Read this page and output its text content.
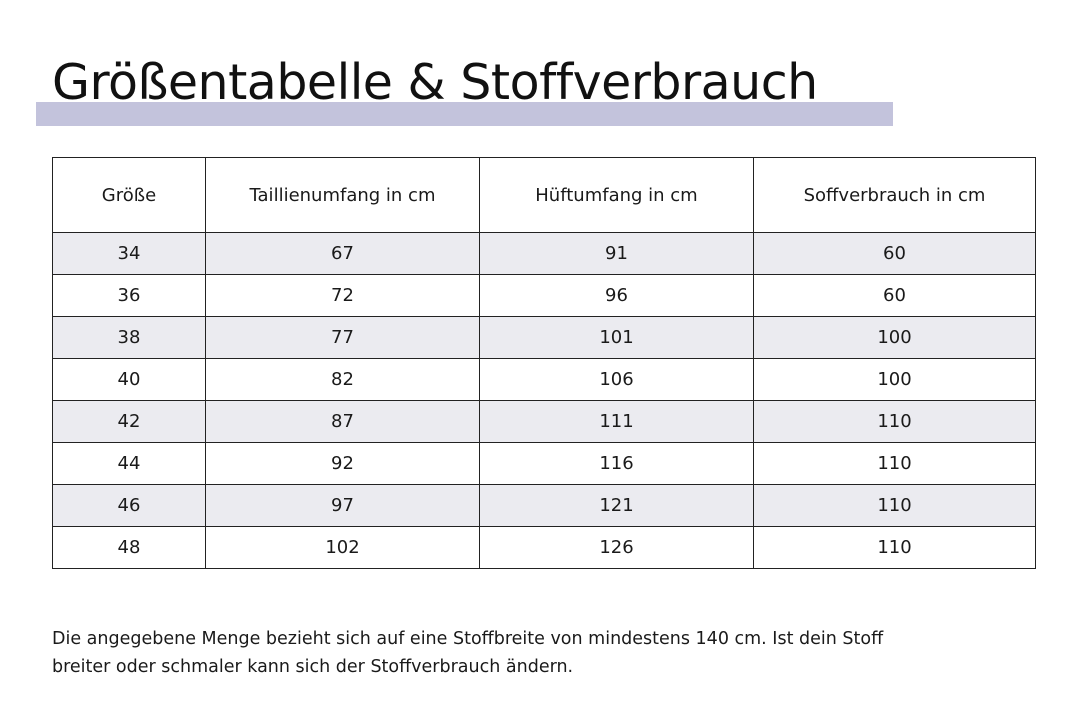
Größentabelle & Stoffverbrauch
Größe	Taillienumfang in cm	Hüftumfang in cm	Soffverbrauch in cm
34	67	91	60
36	72	96	60
38	77	101	100
40	82	106	100
42	87	111	110
44	92	116	110
46	97	121	110
48	102	126	110

Die angegebene Menge bezieht sich auf eine Stoffbreite von mindestens 140 cm. Ist dein Stoff
breiter oder schmaler kann sich der Stoffverbrauch ändern.
